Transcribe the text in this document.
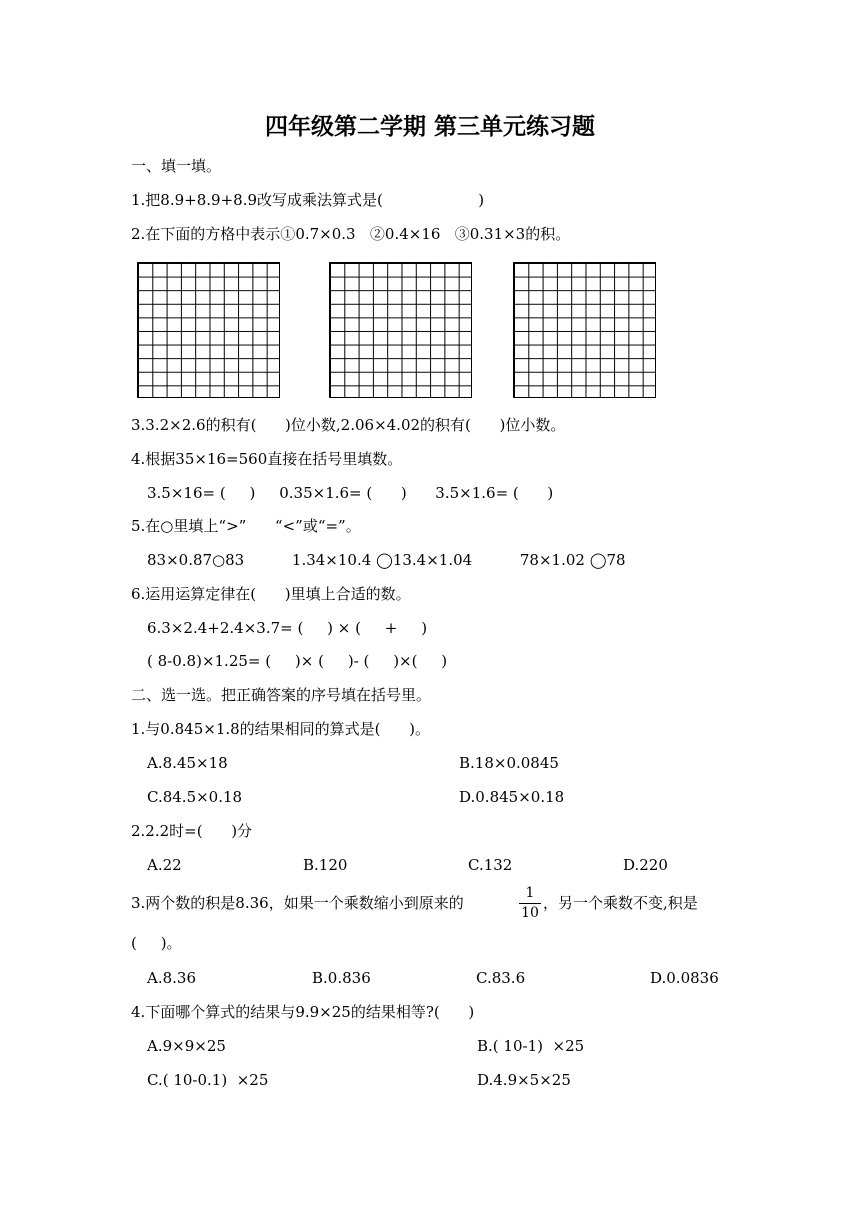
四年级第二学期 第三单元练习题
一、填一填。
1.把8.9+8.9+8.9改写成乘法算式是(                    )
2.在下面的方格中表示①0.7×0.3   ②0.4×16   ③0.31×3的积。
3.3.2×2.6的积有(      )位小数,2.06×4.02的积有(      )位小数。
4.根据35×16=560直接在括号里填数。
3.5×16= (     )     0.35×1.6= (      )      3.5×1.6= (      )
5.在○里填上“>”      “<”或“=”。
83×0.87○83          1.34×10.4 ◯13.4×1.04          78×1.02 ◯78
6.运用运算定律在(      )里填上合适的数。
6.3×2.4+2.4×3.7= (     ) × (     +     )
( 8-0.8)×1.25= (     )× (     )- (     )×(     )
二、选一选。把正确答案的序号填在括号里。
1.与0.845×1.8的结果相同的算式是(      )。
A.8.45×18	B.18×0.0845
C.84.5×0.18	D.0.845×0.18
2.2.2时=(      )分
A.22	B.120	C.132	D.220
3.两个数的积是8.36，如果一个乘数缩小到原来的
1
10
，另一个乘数不变,积是
(     )。
A.8.36	B.0.836	C.83.6	D.0.0836
4.下面哪个算式的结果与9.9×25的结果相等?(      )
A.9×9×25	B.( 10-1)  ×25
C.( 10-0.1)  ×25	D.4.9×5×25
